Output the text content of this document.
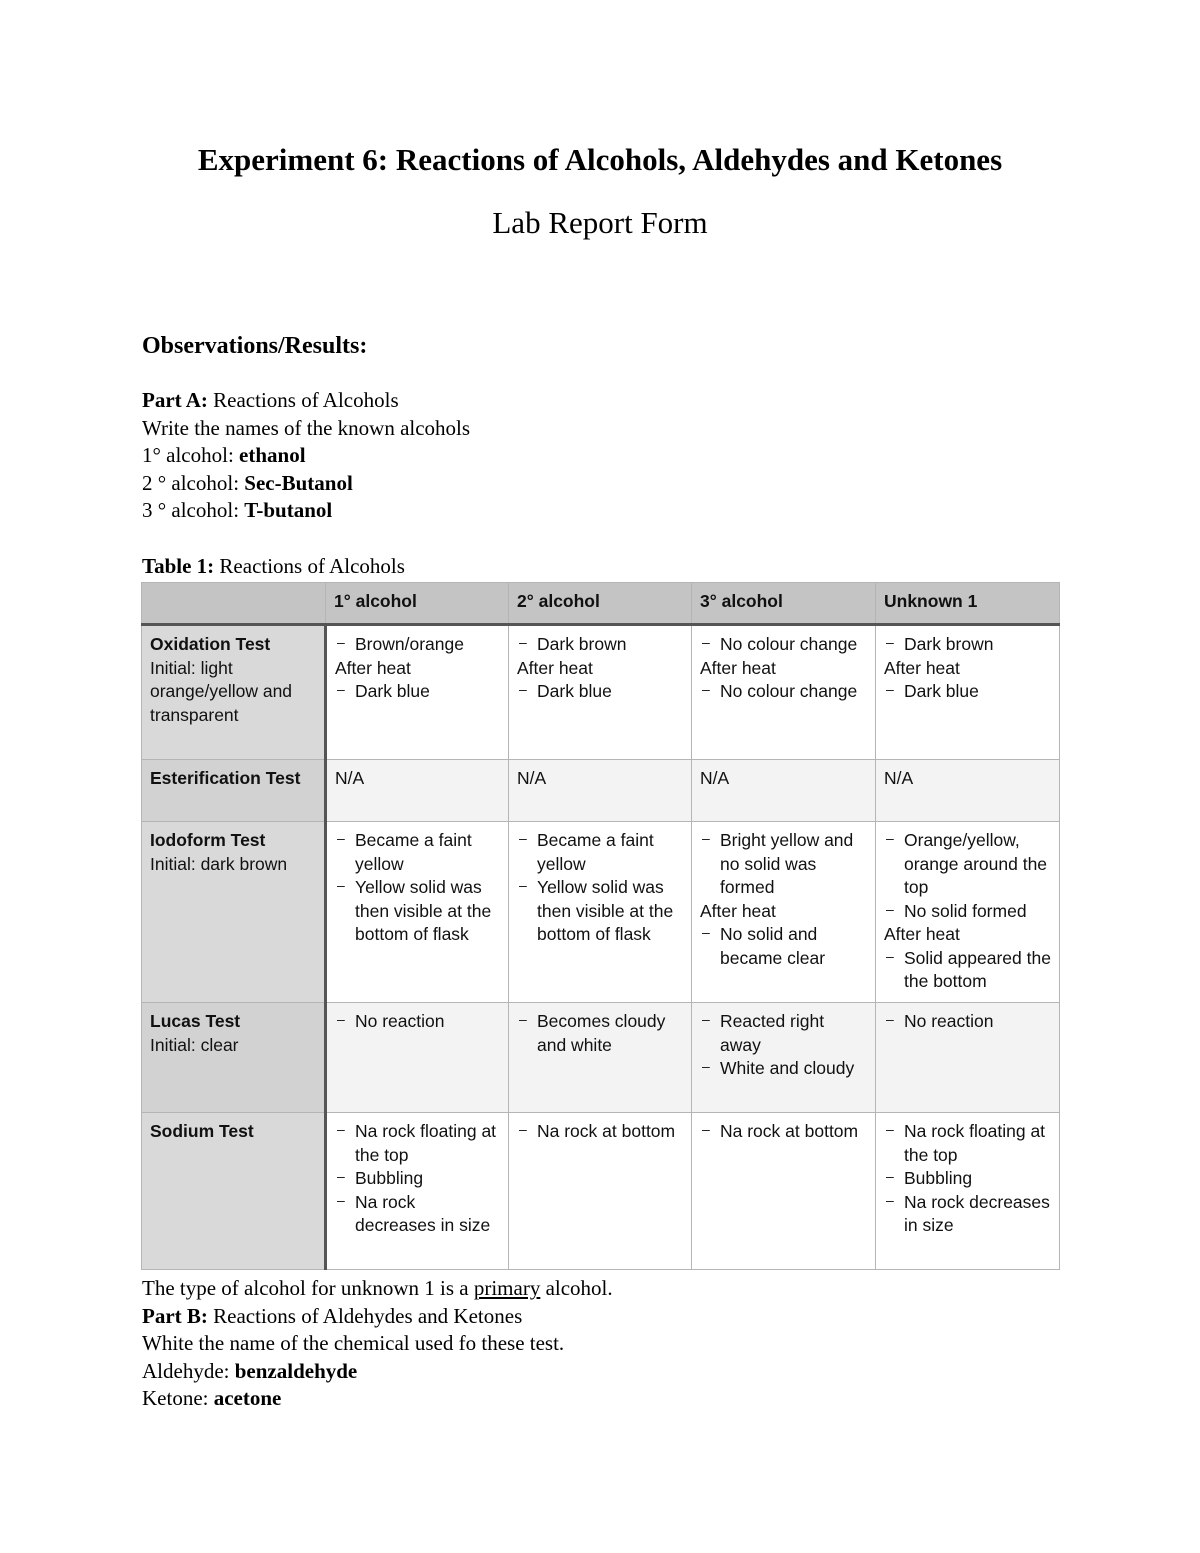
Experiment 6: Reactions of Alcohols, Aldehydes and Ketones
Lab Report Form
Observations/Results:
Part A: Reactions of Alcohols
Write the names of the known alcohols
1° alcohol: ethanol
2 ° alcohol: Sec-Butanol
3 ° alcohol: T-butanol
Table 1: Reactions of Alcohols
	1° alcohol	2° alcohol	3° alcohol	Unknown 1

Oxidation Test
Initial: light orange/yellow and transparent	– Brown/orange
After heat
– Dark blue	– Dark brown
After heat
– Dark blue	– No colour change
After heat
– No colour change	– Dark brown
After heat
– Dark blue

Esterification Test	N/A	N/A	N/A	N/A

Iodoform Test
Initial: dark brown	– Became a faint yellow
– Yellow solid was then visible at the bottom of flask	– Became a faint yellow
– Yellow solid was then visible at the bottom of flask	– Bright yellow and no solid was formed
After heat
– No solid and became clear	– Orange/yellow, orange around the top
– No solid formed
After heat
– Solid appeared the the bottom

Lucas Test
Initial: clear	– No reaction	– Becomes cloudy and white	– Reacted right away
– White and cloudy	– No reaction

Sodium Test	– Na rock floating at the top
– Bubbling
– Na rock decreases in size	– Na rock at bottom	– Na rock at bottom	– Na rock floating at the top
– Bubbling
– Na rock decreases in size
The type of alcohol for unknown 1 is a primary alcohol.
Part B: Reactions of Aldehydes and Ketones
White the name of the chemical used fo these test.
Aldehyde: benzaldehyde
Ketone: acetone
